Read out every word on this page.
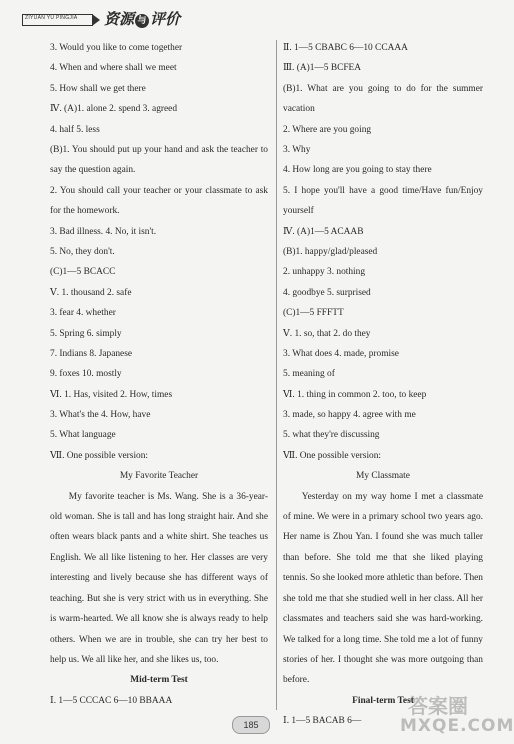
ZIYUAN YU PINGJIA 资源 与 评价
3. Would you like to come together
4. When and where shall we meet
5. How shall we get there
Ⅳ. (A)1. alone 2. spend 3. agreed
4. half 5. less
(B)1. You should put up your hand and ask the teacher to say the question again.
2. You should call your teacher or your classmate to ask for the homework.
3. Bad illness. 4. No, it isn't.
5. No, they don't.
(C)1—5 BCACC
Ⅴ. 1. thousand 2. safe
3. fear 4. whether
5. Spring 6. simply
7. Indians 8. Japanese
9. foxes 10. mostly
Ⅵ. 1. Has, visited 2. How, times
3. What's the 4. How, have
5. What language
Ⅶ. One possible version:
My Favorite Teacher

My favorite teacher is Ms. Wang. She is a 36-year-old woman. She is tall and has long straight hair. And she often wears black pants and a white shirt. She teaches us English. We all like listening to her. Her classes are very interesting and lively because she has different ways of teaching. But she is very strict with us in everything. She is warm-hearted. We all know she is always ready to help others. When we are in trouble, she can try her best to help us. We all like her, and she likes us, too.

Mid-term Test
Ⅰ. 1—5 CCCAC 6—10 BBAAA
Ⅱ. 1—5 CBABC 6—10 CCAAA
Ⅲ. (A)1—5 BCFEA
(B)1. What are you going to do for the summer vacation
2. Where are you going
3. Why
4. How long are you going to stay there
5. I hope you'll have a good time/Have fun/Enjoy yourself
Ⅳ. (A)1—5 ACAAB
(B)1. happy/glad/pleased
2. unhappy 3. nothing
4. goodbye 5. surprised
(C)1—5 FFFTT
Ⅴ. 1. so, that 2. do they
3. What does 4. made, promise
5. meaning of
Ⅵ. 1. thing in common 2. too, to keep
3. made, so happy 4. agree with me
5. what they're discussing
Ⅶ. One possible version:
My Classmate

Yesterday on my way home I met a classmate of mine. We were in a primary school two years ago. Her name is Zhou Yan. I found she was much taller than before. She told me that she liked playing tennis. So she looked more athletic than before. Then she told me that she studied well in her class. All her classmates and teachers said she was hard-working. We talked for a long time. She told me a lot of funny stories of her. I thought she was more outgoing than before.

Final-term Test
Ⅰ. 1—5 BACAB 6—
185
答案圈
MXQE.COM
